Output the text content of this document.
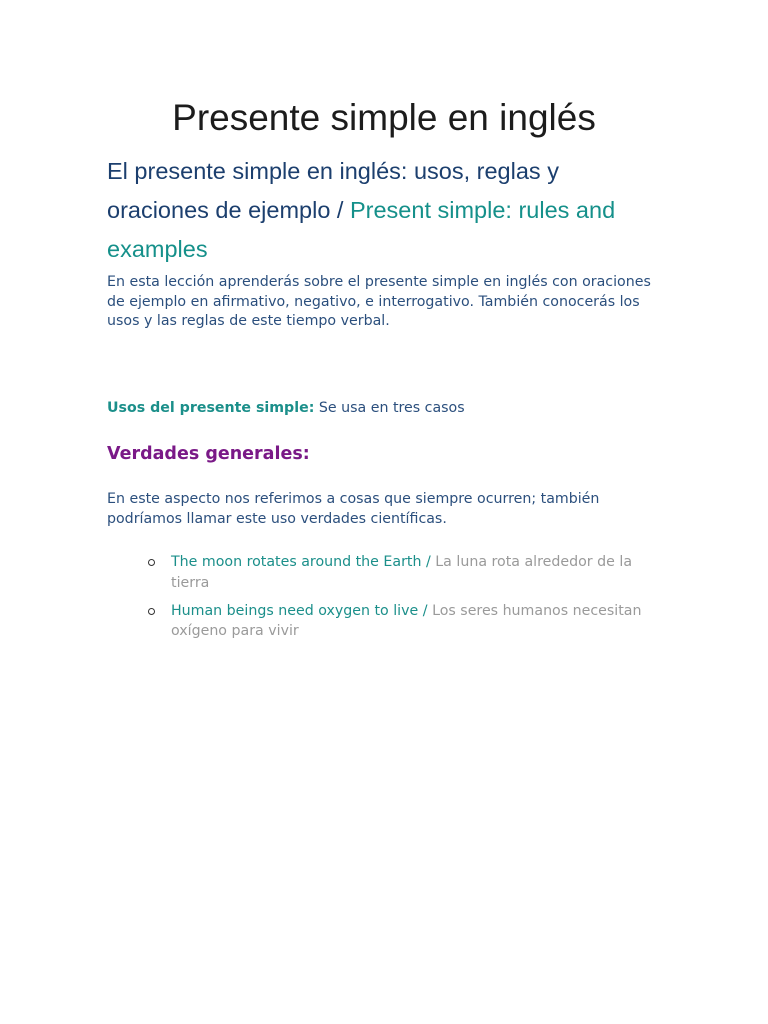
Presente simple en inglés
El presente simple en inglés: usos, reglas y oraciones de ejemplo / Present simple: rules and examples

En esta lección aprenderás sobre el presente simple en inglés con oraciones de ejemplo en afirmativo, negativo, e interrogativo. También conocerás los usos y las reglas de este tiempo verbal.

Usos del presente simple: Se usa en tres casos

Verdades generales:

En este aspecto nos referimos a cosas que siempre ocurren; también podríamos llamar este uso verdades científicas.

The moon rotates around the Earth / La luna rota alrededor de la tierra
Human beings need oxygen to live / Los seres humanos necesitan oxígeno para vivir
